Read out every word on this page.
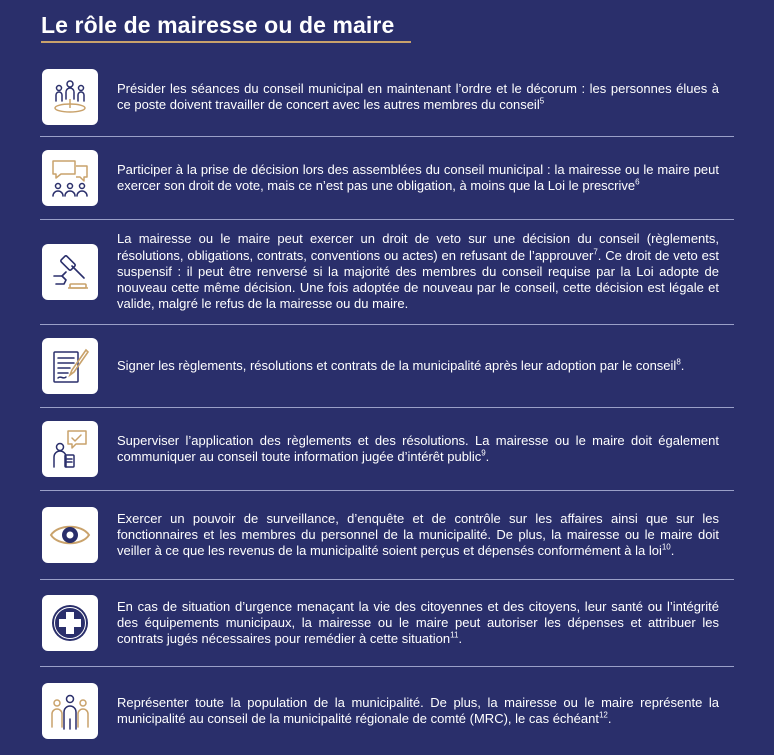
Le rôle de mairesse ou de maire
Présider les séances du conseil municipal en maintenant l’ordre et le décorum : les personnes élues à ce poste doivent travailler de concert avec les autres membres du conseil$^5$
Participer à la prise de décision lors des assemblées du conseil municipal : la mairesse ou le maire peut exercer son droit de vote, mais ce n’est pas une obligation, à moins que la Loi le prescrive$^6$
La mairesse ou le maire peut exercer un droit de veto sur une décision du conseil (règlements, résolutions, obligations, contrats, conventions ou actes) en refusant de l’approuver$^7$. Ce droit de veto est suspensif : il peut être renversé si la majorité des membres du conseil requise par la Loi adopte de nouveau cette même décision. Une fois adoptée de nouveau par le conseil, cette décision est légale et valide, malgré le refus de la mairesse ou du maire.
Signer les règlements, résolutions et contrats de la municipalité après leur adoption par le conseil$^8$.
Superviser l’application des règlements et des résolutions. La mairesse ou le maire doit également communiquer au conseil toute information jugée d’intérêt public$^9$.
Exercer un pouvoir de surveillance, d’enquête et de contrôle sur les affaires ainsi que sur les fonctionnaires et les membres du personnel de la municipalité. De plus, la mairesse ou le maire doit veiller à ce que les revenus de la municipalité soient perçus et dépensés conformément à la loi$^{10}$.
En cas de situation d’urgence menaçant la vie des citoyennes et des citoyens, leur santé ou l’intégrité des équipements municipaux, la mairesse ou le maire peut autoriser les dépenses et attribuer les contrats jugés nécessaires pour remédier à cette situation$^{11}$.
Représenter toute la population de la municipalité. De plus, la mairesse ou le maire représente la municipalité au conseil de la municipalité régionale de comté (MRC), le cas échéant$^{12}$.
